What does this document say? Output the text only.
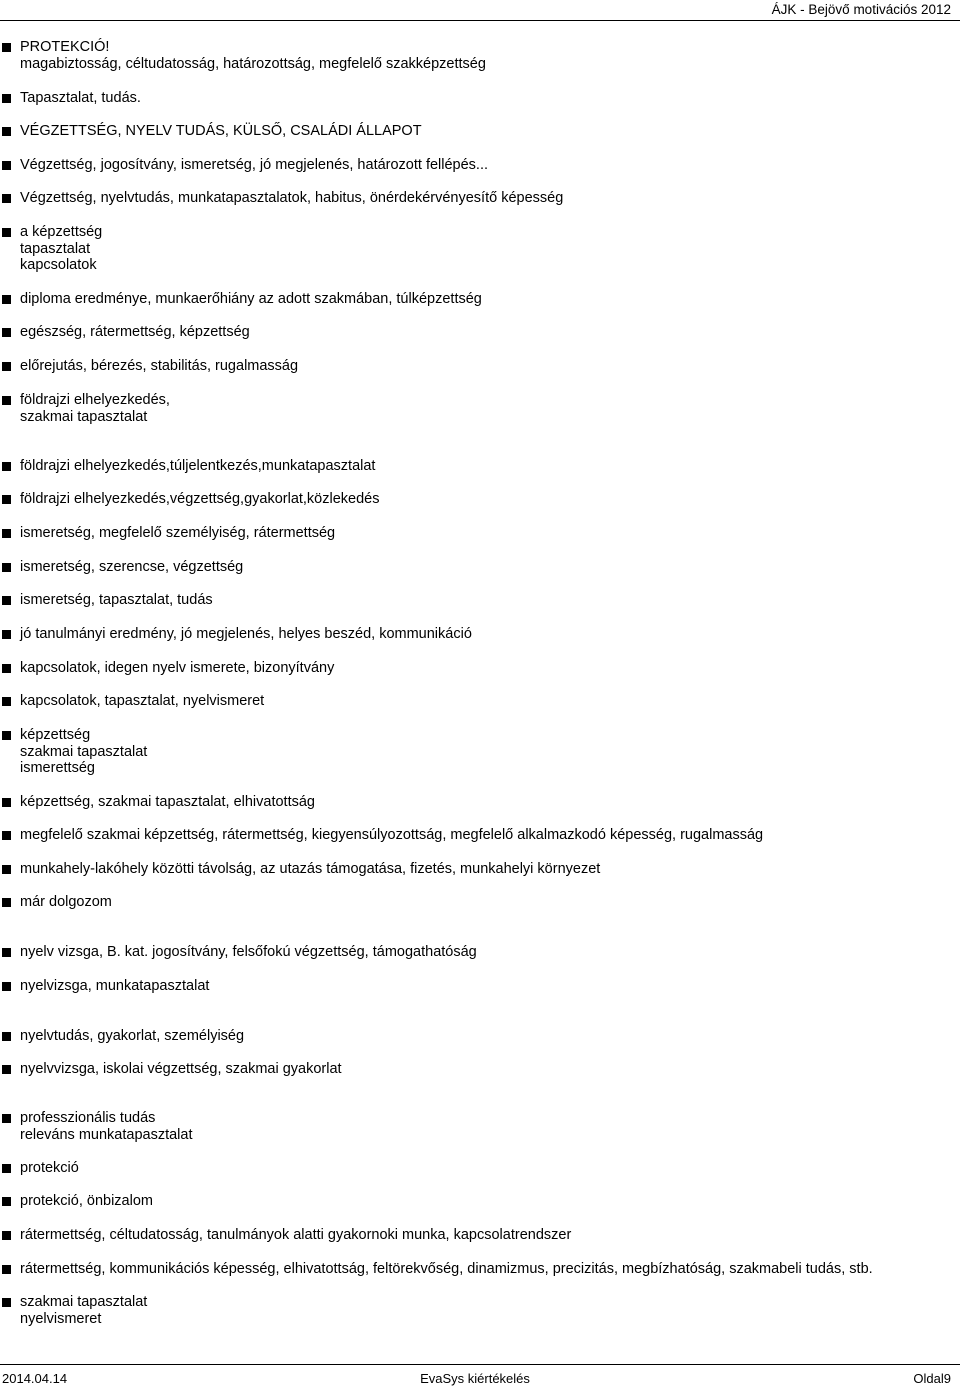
ÁJK - Bejövő motivációs 2012
PROTEKCIÓ!
magabiztosság, céltudatosság, határozottság, megfelelő szakképzettség
Tapasztalat, tudás.
VÉGZETTSÉG, NYELV TUDÁS, KÜLSŐ, CSALÁDI ÁLLAPOT
Végzettség, jogosítvány, ismeretség, jó megjelenés, határozott fellépés...
Végzettség, nyelvtudás, munkatapasztalatok, habitus, önérdekérvényesítő képesség
a képzettség
tapasztalat
kapcsolatok
diploma eredménye, munkaerőhiány az adott szakmában, túlképzettség
egészség, rátermettség, képzettség
előrejutás, bérezés, stabilitás, rugalmasság
földrajzi elhelyezkedés,
szakmai tapasztalat
földrajzi elhelyezkedés,túljelentkezés,munkatapasztalat
földrajzi elhelyezkedés,végzettség,gyakorlat,közlekedés
ismeretség, megfelelő személyiség, rátermettség
ismeretség, szerencse, végzettség
ismeretség, tapasztalat, tudás
jó tanulmányi eredmény, jó megjelenés, helyes beszéd, kommunikáció
kapcsolatok, idegen nyelv ismerete, bizonyítvány
kapcsolatok, tapasztalat, nyelvismeret
képzettség
szakmai tapasztalat
ismerettség
képzettség, szakmai tapasztalat, elhivatottság
megfelelő szakmai képzettség, rátermettség, kiegyensúlyozottság, megfelelő alkalmazkodó képesség, rugalmasság
munkahely-lakóhely közötti távolság, az utazás támogatása, fizetés, munkahelyi környezet
már dolgozom
nyelv vizsga, B. kat. jogosítvány, felsőfokú végzettség, támogathatóság
nyelvizsga, munkatapasztalat
nyelvtudás, gyakorlat, személyiség
nyelvvizsga, iskolai végzettség, szakmai gyakorlat
professzionális tudás
releváns munkatapasztalat
protekció
protekció, önbizalom
rátermettség, céltudatosság, tanulmányok alatti gyakornoki munka, kapcsolatrendszer
rátermettség, kommunikációs képesség, elhivatottság, feltörekvőség, dinamizmus, precizitás, megbízhatóság, szakmabeli tudás, stb.
szakmai tapasztalat
nyelvismeret
2014.04.14	EvaSys kiértékelés	Oldal9
